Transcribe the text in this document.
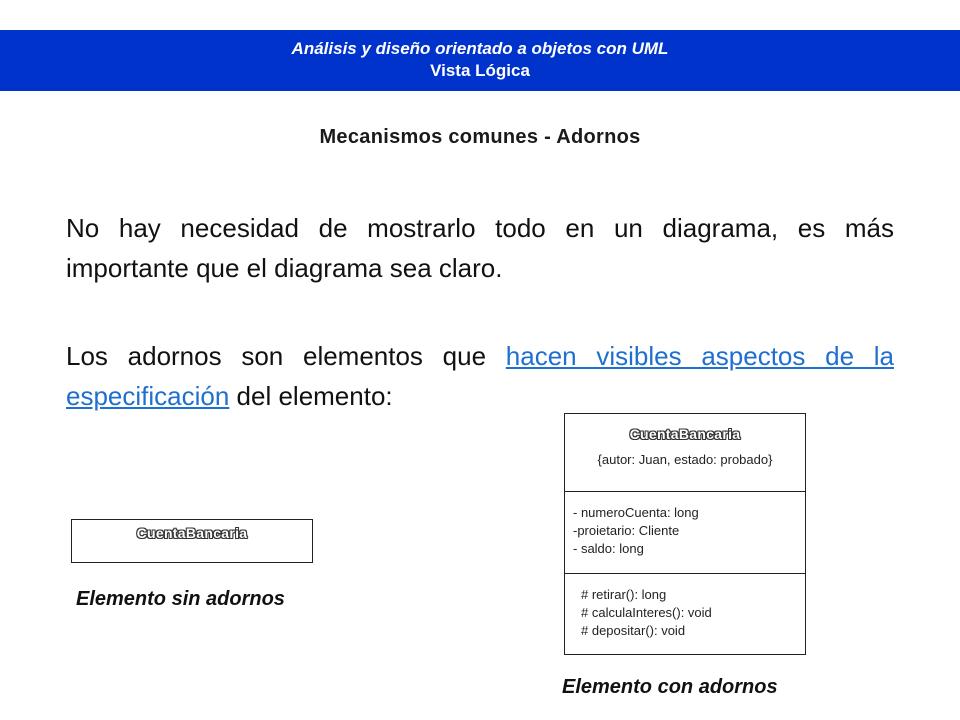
Análisis y diseño orientado a objetos con UML
Vista Lógica
Mecanismos comunes - Adornos
No hay necesidad de mostrarlo todo en un diagrama, es más importante que el diagrama sea claro.
Los adornos son elementos que hacen visibles aspectos de la especificación del elemento:
CuentaBancaria
Elemento sin adornos
CuentaBancaria
{autor: Juan, estado: probado}
- numeroCuenta: long
-proietario: Cliente
- saldo: long
# retirar(): long
# calculaInteres(): void
# depositar(): void
Elemento con adornos
